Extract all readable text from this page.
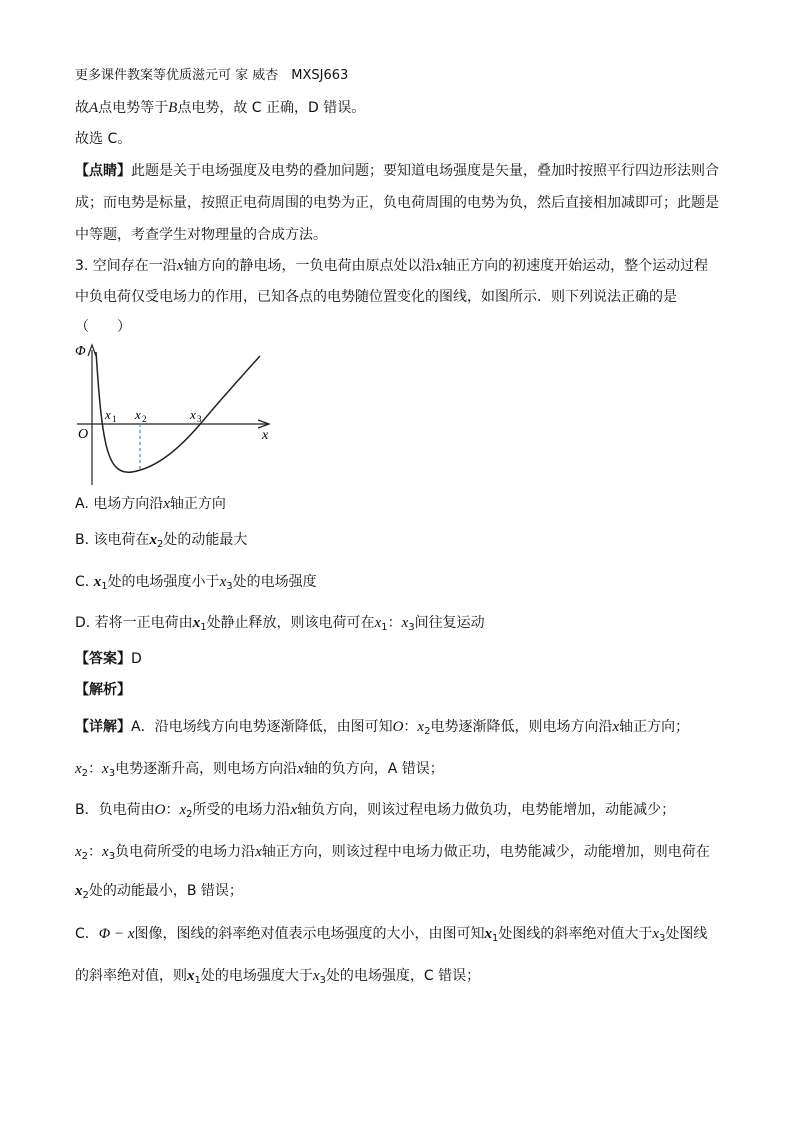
更多课件教案等优质滋元可 家 威杏　MXSJ663
故A点电势等于B点电势，故 C 正确，D 错误。
故选 C。
【点睛】此题是关于电场强度及电势的叠加问题；要知道电场强度是矢量，叠加时按照平行四边形法则合
成；而电势是标量，按照正电荷周围的电势为正，负电荷周围的电势为负，然后直接相加减即可；此题是
中等题，考查学生对物理量的合成方法。
3. 空间存在一沿x轴方向的静电场，一负电荷由原点处以沿x轴正方向的初速度开始运动，整个运动过程
中负电荷仅受电场力的作用，已知各点的电势随位置变化的图线，如图所示．则下列说法正确的是
（　　）
Φ
O	x
x 1 x 2	x 3
A. 电场方向沿x轴正方向
B. 该电荷在$x_2$处的动能最大
C. $x_1$处的电场强度小于$x_3$处的电场强度
D. 若将一正电荷由$x_1$处静止释放，则该电荷可在$x_1$：$x_3$间往复运动
【答案】D
【解析】
【详解】A．沿电场线方向电势逐渐降低，由图可知O：$x_2$电势逐渐降低，则电场方向沿x轴正方向；
$x_2$：$x_3$电势逐渐升高，则电场方向沿x轴的负方向，A 错误；
B．负电荷由O：$x_2$所受的电场力沿x轴负方向，则该过程电场力做负功，电势能增加，动能减少；
$x_2$：$x_3$负电荷所受的电场力沿x轴正方向，则该过程中电场力做正功，电势能减少，动能增加，则电荷在
$x_2$处的动能最小，B 错误；
C．Φ − x图像，图线的斜率绝对值表示电场强度的大小，由图可知$x_1$处图线的斜率绝对值大于$x_3$处图线
的斜率绝对值，则$x_1$处的电场强度大于$x_3$处的电场强度，C 错误；
